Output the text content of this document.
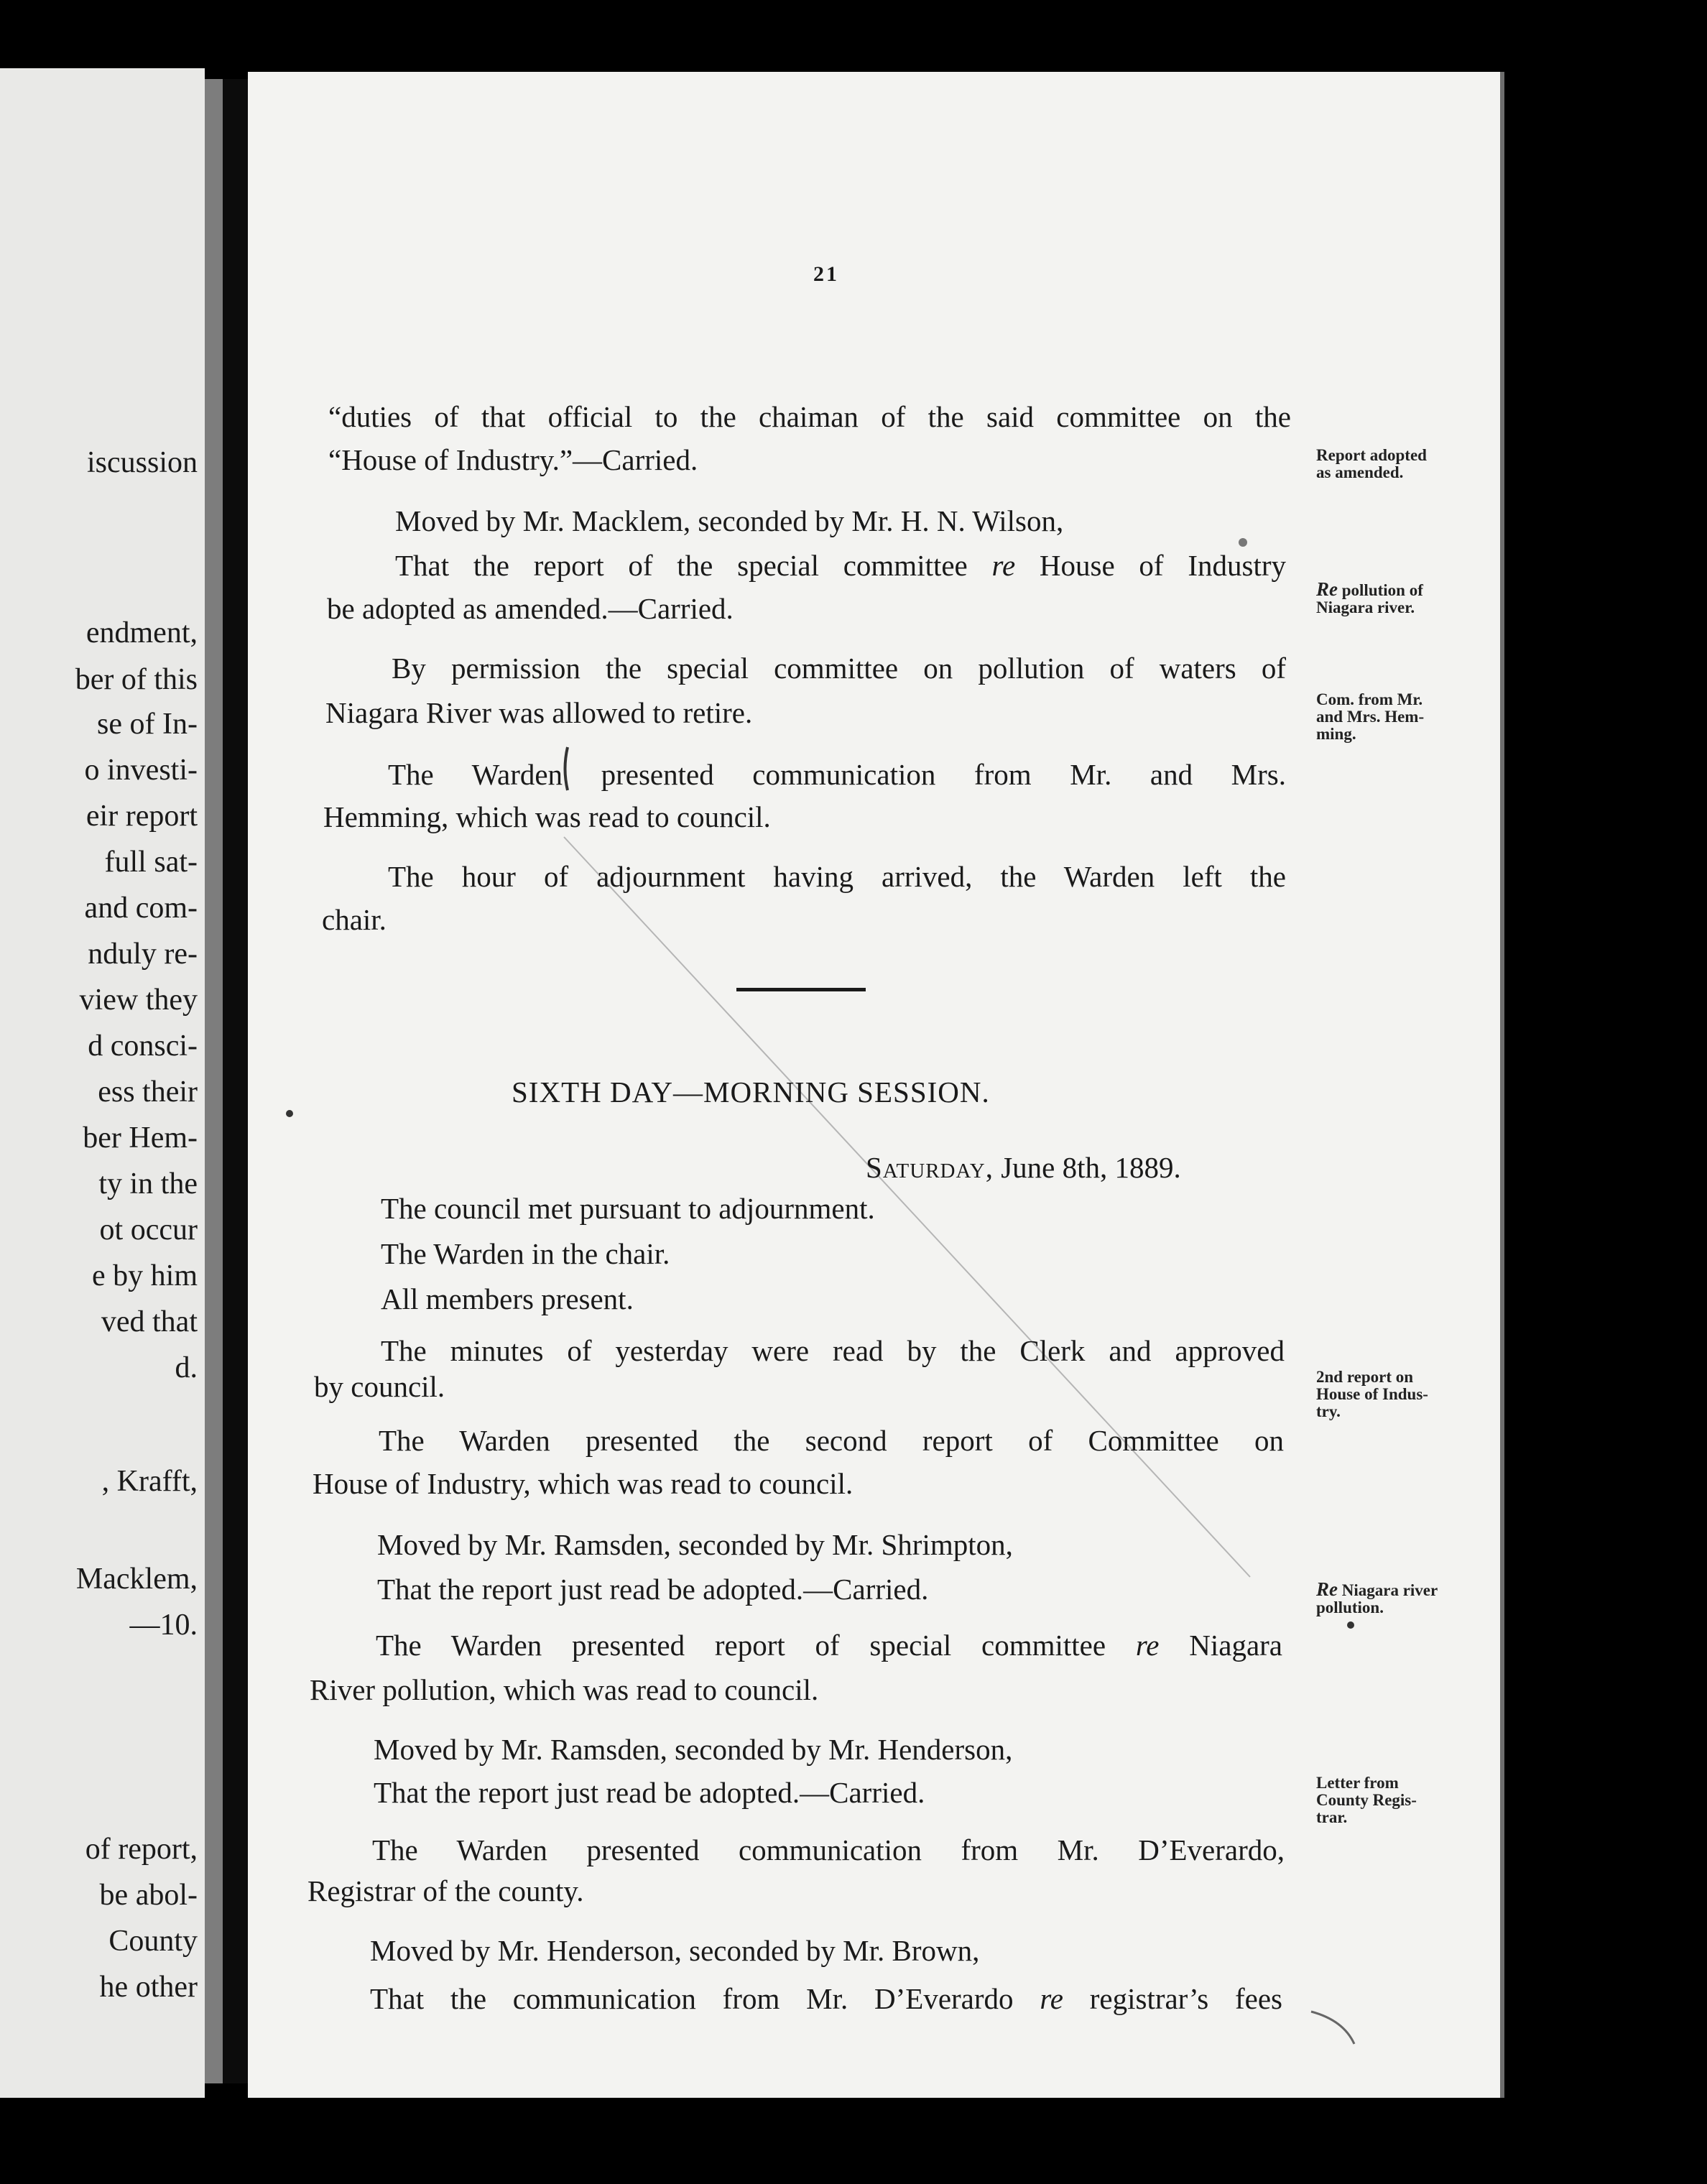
iscussion
endment,
ber of this
se of In-
o investi-
eir report
full sat-
and com-
nduly re-
view they
d consci-
ess their
ber Hem-
ty in the
ot occur
e by him
ved that
d.
, Krafft,
Macklem,
—10.
of report,
be abol-
County
he other
21
“duties of that official to the chaiman of the said committee on the
“House of Industry.”—Carried.
Moved by Mr. Macklem, seconded by Mr. H. N. Wilson,
That the report of the special committee re House of Industry
be adopted as amended.—Carried.
By permission the special committee on pollution of waters of
Niagara River was allowed to retire.
The Warden presented communication from Mr. and Mrs.
Hemming, which was read to council.
The hour of adjournment having arrived, the Warden left the
chair.
SIXTH DAY—MORNING SESSION.
Saturday, June 8th, 1889.
The council met pursuant to adjournment.
The Warden in the chair.
All members present.
The minutes of yesterday were read by the Clerk and approved
by council.
The Warden presented the second report of Committee on
House of Industry, which was read to council.
Moved by Mr. Ramsden, seconded by Mr. Shrimpton,
That the report just read be adopted.—Carried.
The Warden presented report of special committee re Niagara
River pollution, which was read to council.
Moved by Mr. Ramsden, seconded by Mr. Henderson,
That the report just read be adopted.—Carried.
The Warden presented communication from Mr. D’Everardo,
Registrar of the county.
Moved by Mr. Henderson, seconded by Mr. Brown,
That the communication from Mr. D’Everardo re registrar’s fees
Report adopted
as amended.
Re pollution of
Niagara river.
Com. from Mr.
and Mrs. Hem-
ming.
2nd report on
House of Indus-
try.
Re Niagara river
pollution.
Letter from
County Regis-
trar.
